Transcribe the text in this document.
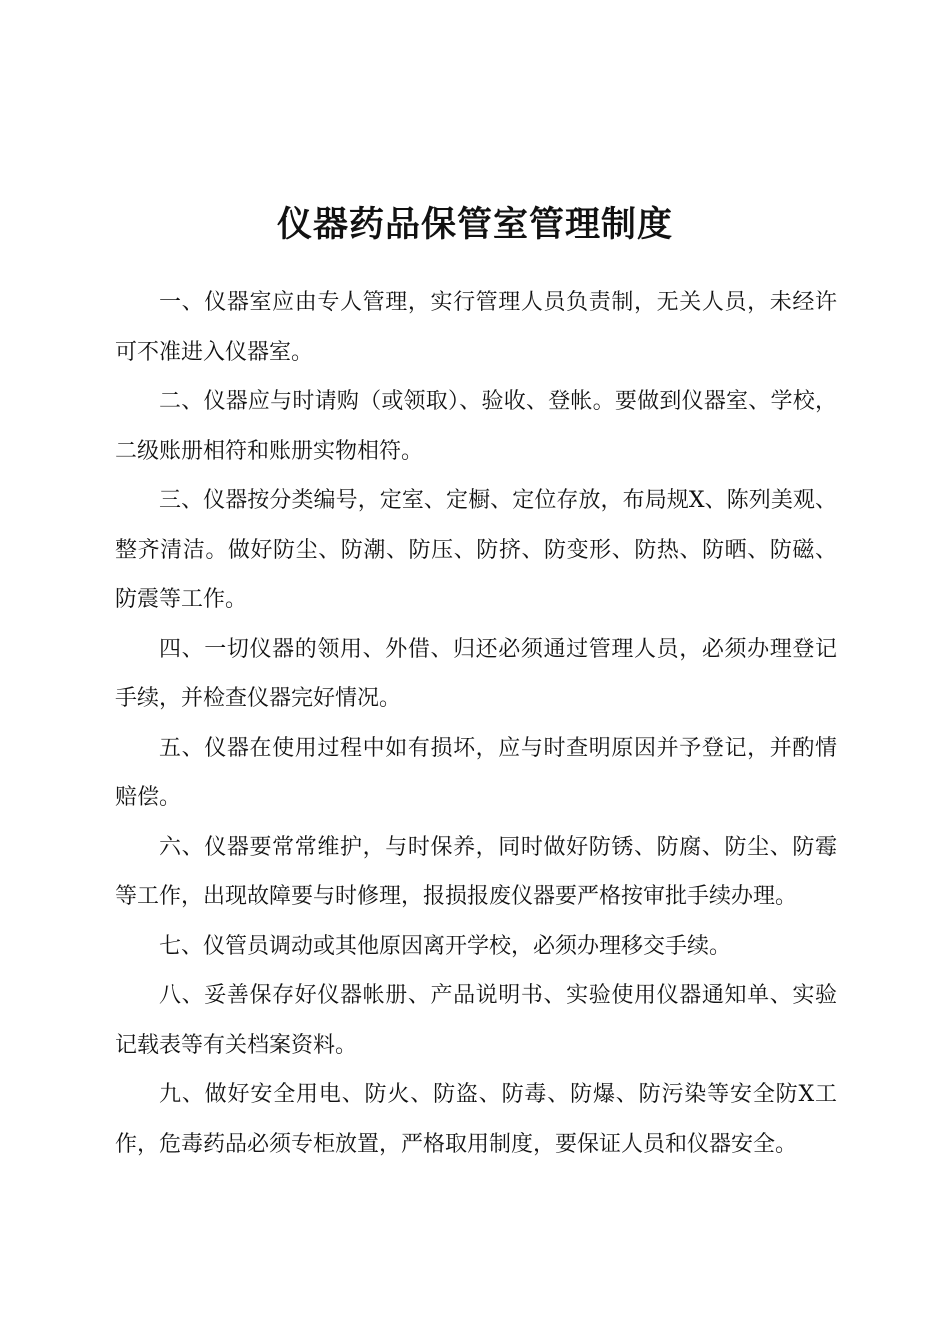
仪器药品保管室管理制度

一、仪器室应由专人管理，实行管理人员负责制，无关人员，未经许可不准进入仪器室。

二、仪器应与时请购（或领取）、验收、登帐。要做到仪器室、学校，二级账册相符和账册实物相符。

三、仪器按分类编号，定室、定橱、定位存放，布局规X、陈列美观、整齐清洁。做好防尘、防潮、防压、防挤、防变形、防热、防晒、防磁、防震等工作。

四、一切仪器的领用、外借、归还必须通过管理人员，必须办理登记手续，并检查仪器完好情况。

五、仪器在使用过程中如有损坏，应与时查明原因并予登记，并酌情赔偿。

六、仪器要常常维护，与时保养，同时做好防锈、防腐、防尘、防霉等工作，出现故障要与时修理，报损报废仪器要严格按审批手续办理。

七、仪管员调动或其他原因离开学校，必须办理移交手续。

八、妥善保存好仪器帐册、产品说明书、实验使用仪器通知单、实验记载表等有关档案资料。

九、做好安全用电、防火、防盗、防毒、防爆、防污染等安全防X工作，危毒药品必须专柜放置，严格取用制度，要保证人员和仪器安全。
